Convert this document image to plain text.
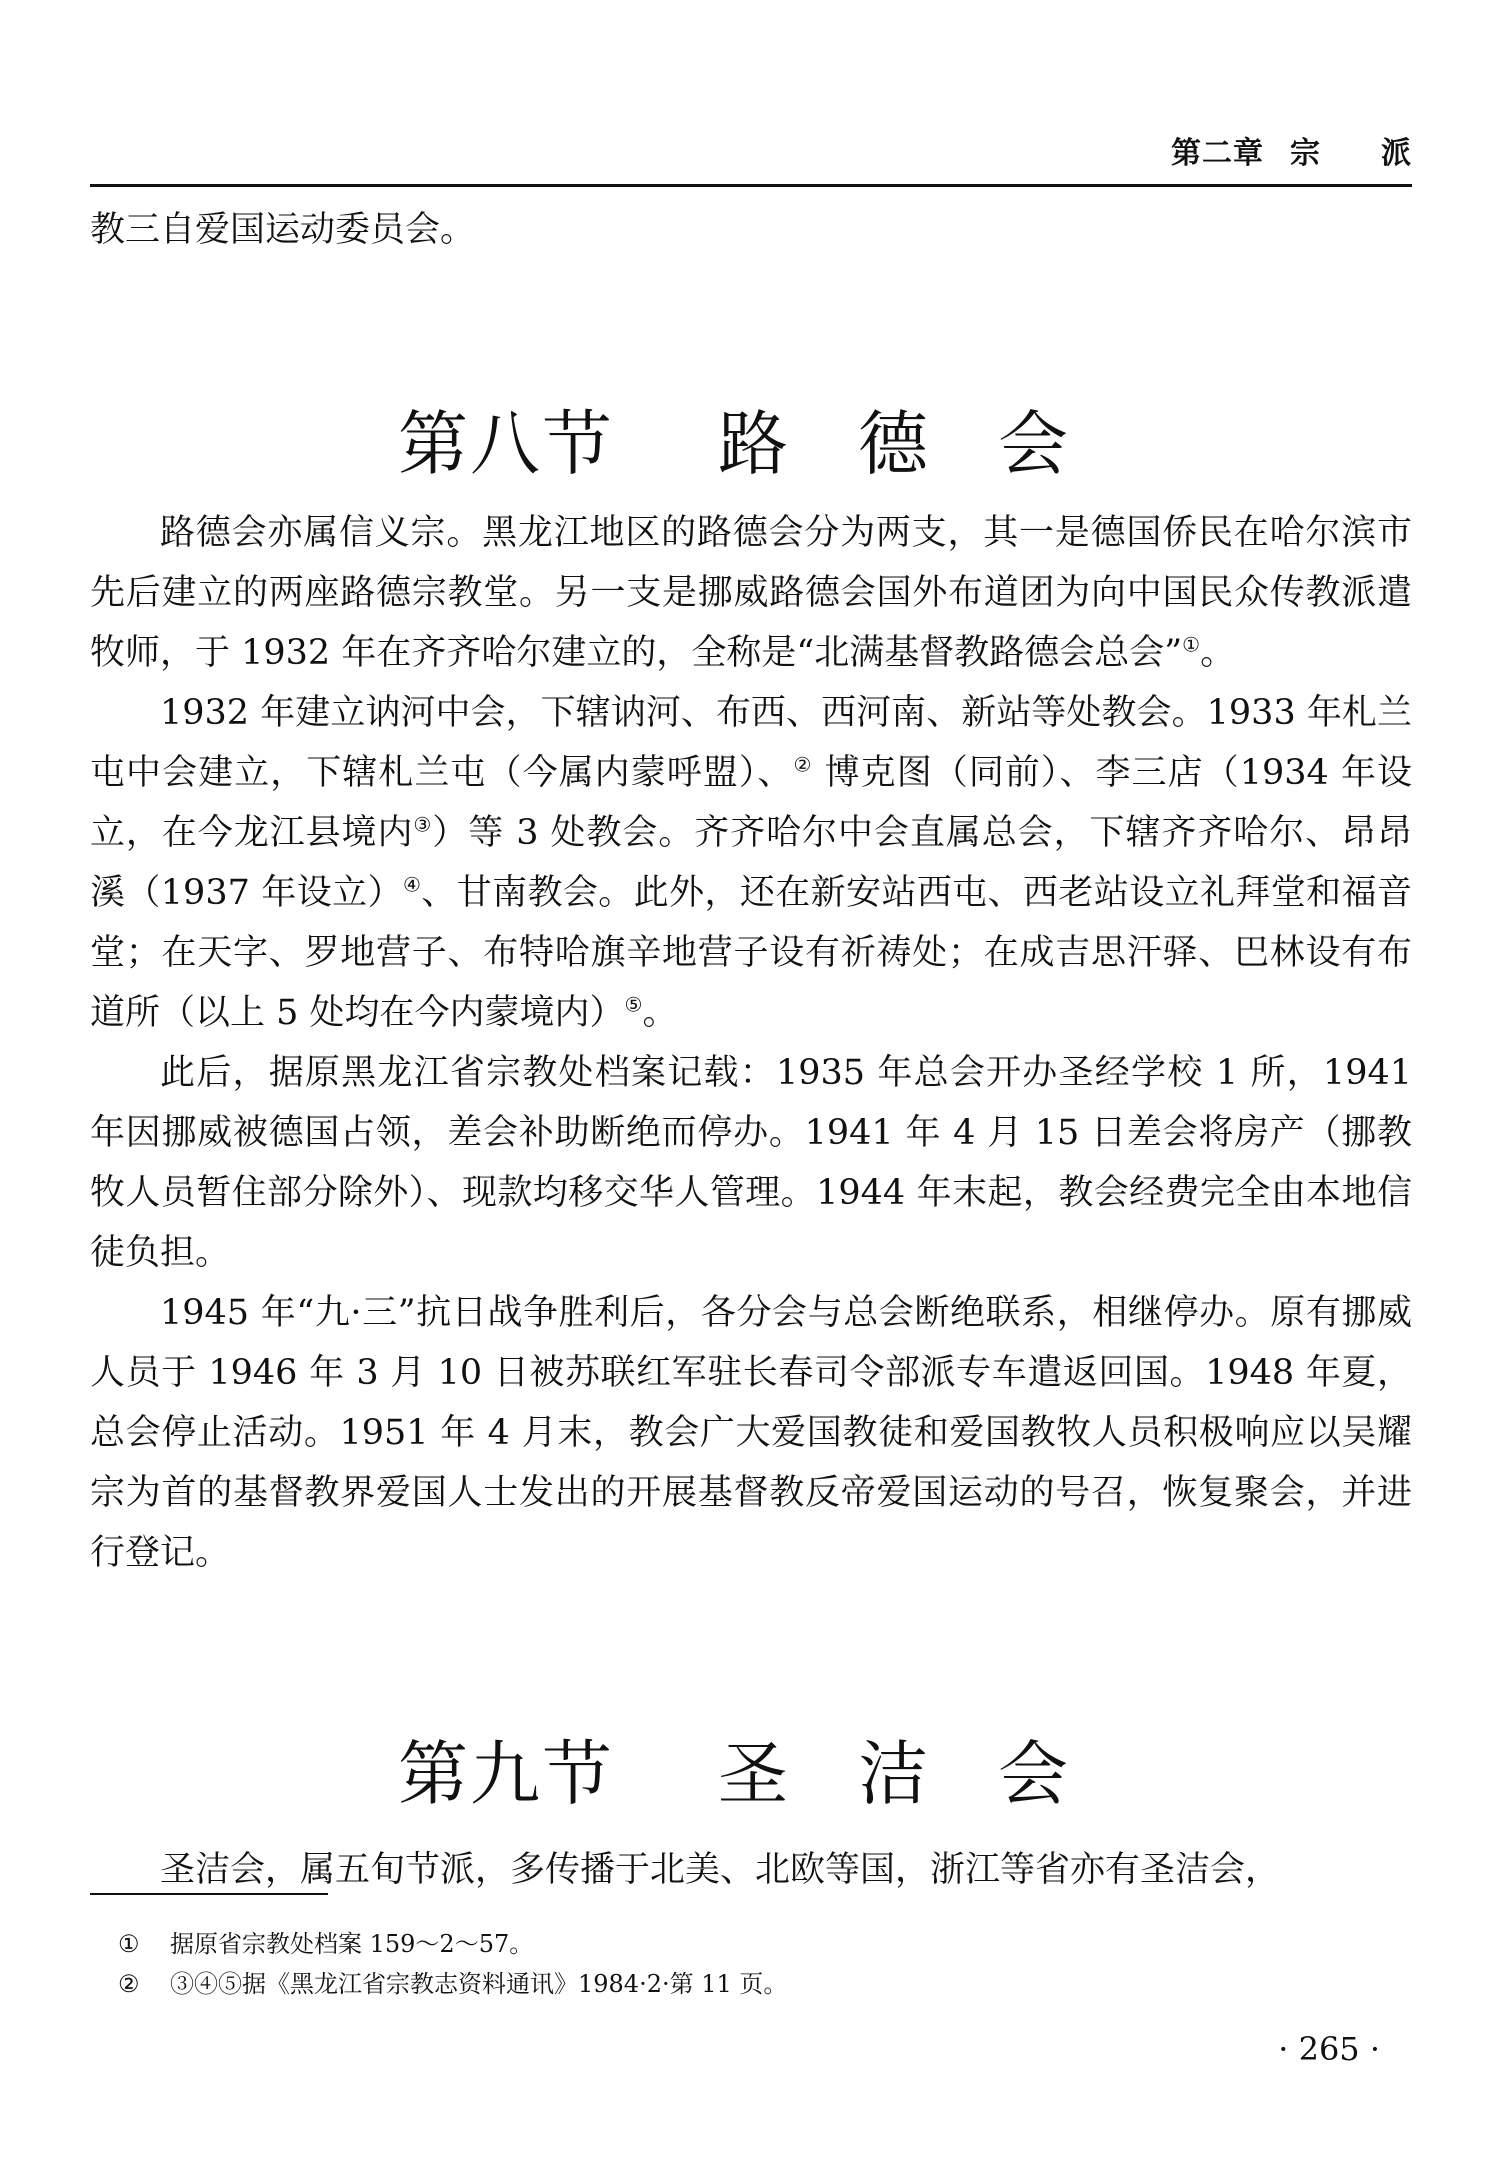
第二章 宗 派

教三自爱国运动委员会。

第八节 路 德 会

路德会亦属信义宗。黑龙江地区的路德会分为两支，其一是德国侨民在哈尔滨市先后建立的两座路德宗教堂。另一支是挪威路德会国外布道团为向中国民众传教派遣牧师，于 1932 年在齐齐哈尔建立的，全称是“北满基督教路德会总会”①。

1932 年建立讷河中会，下辖讷河、布西、西河南、新站等处教会。1933 年札兰屯中会建立，下辖札兰屯（今属内蒙呼盟）、② 博克图（同前）、李三店（1934 年设立，在今龙江县境内③）等 3 处教会。齐齐哈尔中会直属总会，下辖齐齐哈尔、昂昂溪（1937 年设立）④、甘南教会。此外，还在新安站西屯、西老站设立礼拜堂和福音堂；在天字、罗地营子、布特哈旗辛地营子设有祈祷处；在成吉思汗驿、巴林设有布道所（以上 5 处均在今内蒙境内）⑤。

此后，据原黑龙江省宗教处档案记载：1935 年总会开办圣经学校 1 所，1941 年因挪威被德国占领，差会补助断绝而停办。1941 年 4 月 15 日差会将房产（挪教牧人员暂住部分除外）、现款均移交华人管理。1944 年末起，教会经费完全由本地信徒负担。

1945 年“九·三”抗日战争胜利后，各分会与总会断绝联系，相继停办。原有挪威人员于 1946 年 3 月 10 日被苏联红军驻长春司令部派专车遣返回国。1948 年夏，总会停止活动。1951 年 4 月末，教会广大爱国教徒和爱国教牧人员积极响应以吴耀宗为首的基督教界爱国人士发出的开展基督教反帝爱国运动的号召，恢复聚会，并进行登记。

第九节 圣 洁 会

圣洁会，属五旬节派，多传播于北美、北欧等国，浙江等省亦有圣洁会，

① 据原省宗教处档案 159～2～57。
② ③④⑤据《黑龙江省宗教志资料通讯》1984·2·第 11 页。
· 265 ·
